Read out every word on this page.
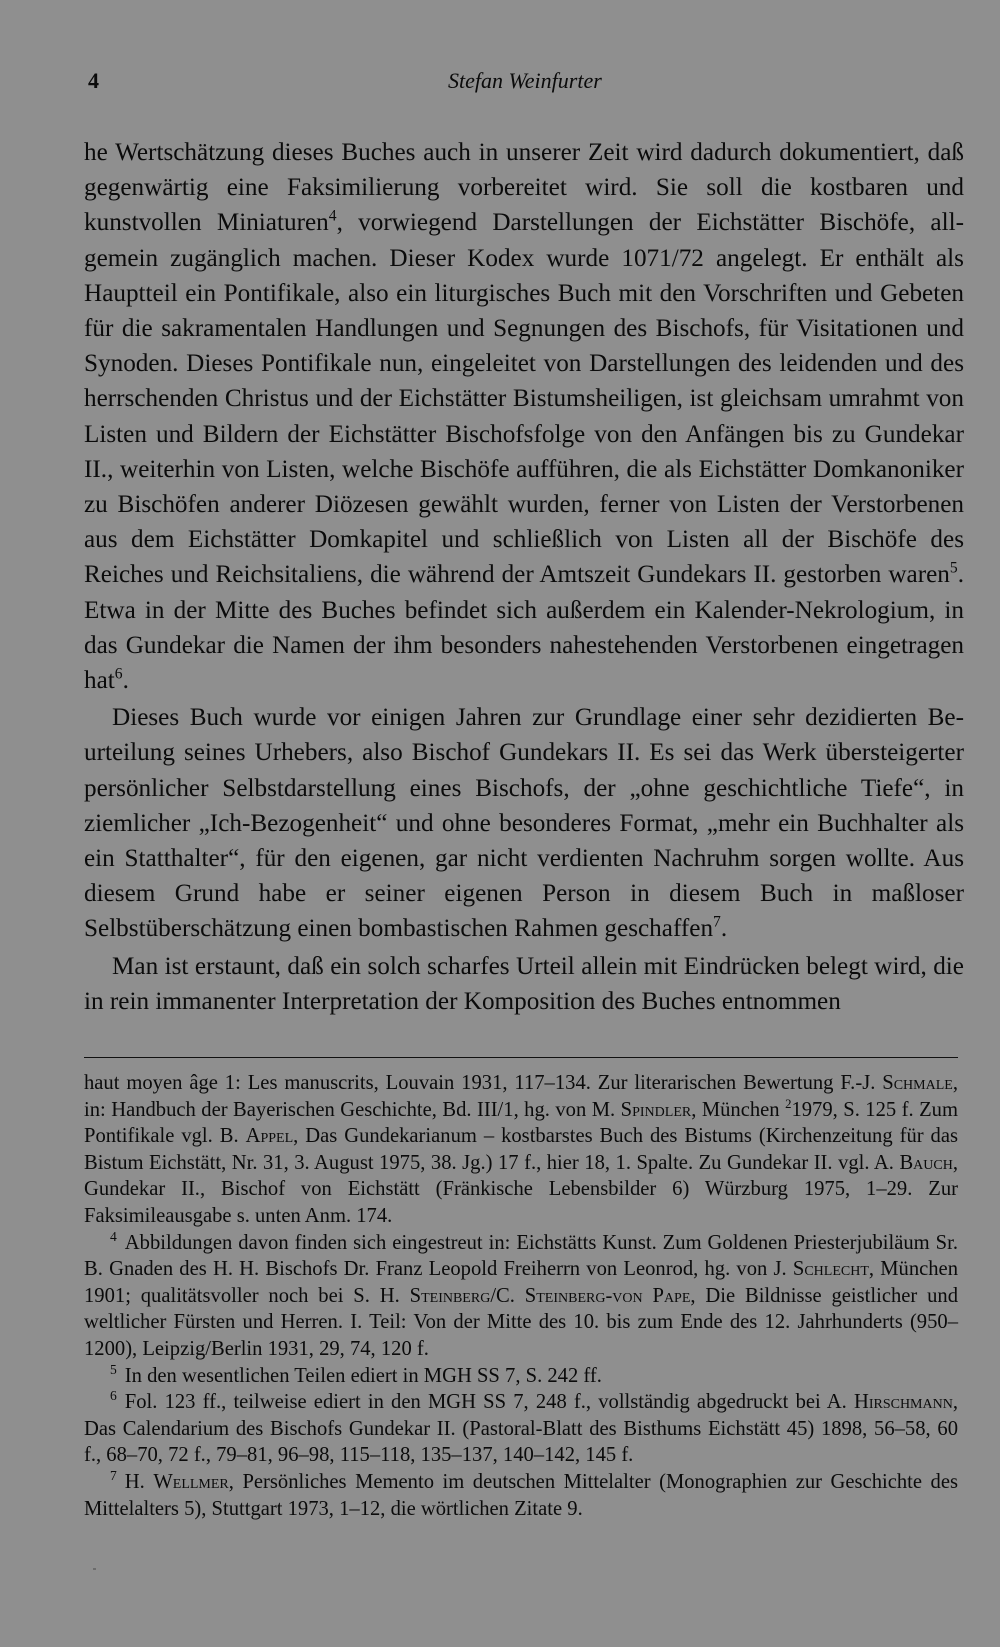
4	Stefan Weinfurter

he Wertschätzung dieses Buches auch in unserer Zeit wird dadurch dokumentiert, daß gegenwärtig eine Faksimilierung vorbereitet wird. Sie soll die kostbaren und kunstvollen Miniaturen$^4$, vorwiegend Darstellungen der Eichstätter Bischöfe, allgemein zugänglich machen. Dieser Kodex wurde 1071/72 angelegt. Er enthält als Hauptteil ein Pontifikale, also ein liturgisches Buch mit den Vorschriften und Gebeten für die sakramentalen Handlungen und Segnungen des Bischofs, für Visitationen und Synoden. Dieses Pontifikale nun, eingeleitet von Darstellungen des leidenden und des herrschenden Christus und der Eichstätter Bistumsheiligen, ist gleichsam umrahmt von Listen und Bildern der Eichstätter Bischofsfolge von den Anfängen bis zu Gundekar II., weiterhin von Listen, welche Bischöfe aufführen, die als Eichstätter Domkanoniker zu Bischöfen anderer Diözesen gewählt wurden, ferner von Listen der Verstorbenen aus dem Eichstätter Domkapitel und schließlich von Listen all der Bischöfe des Reiches und Reichsitaliens, die während der Amtszeit Gundekars II. gestorben waren$^5$. Etwa in der Mitte des Buches befindet sich außerdem ein Kalender-Nekrologium, in das Gundekar die Namen der ihm besonders nahestehenden Verstorbenen eingetragen hat$^6$.

Dieses Buch wurde vor einigen Jahren zur Grundlage einer sehr dezidierten Beurteilung seines Urhebers, also Bischof Gundekars II. Es sei das Werk übersteigerter persönlicher Selbstdarstellung eines Bischofs, der „ohne geschichtliche Tiefe“, in ziemlicher „Ich-Bezogenheit“ und ohne besonderes Format, „mehr ein Buchhalter als ein Statthalter“, für den eigenen, gar nicht verdienten Nachruhm sorgen wollte. Aus diesem Grund habe er seiner eigenen Person in diesem Buch in maßloser Selbstüberschätzung einen bombastischen Rahmen geschaffen$^7$.

Man ist erstaunt, daß ein solch scharfes Urteil allein mit Eindrücken belegt wird, die in rein immanenter Interpretation der Komposition des Buches entnommen

haut moyen âge 1: Les manuscrits, Louvain 1931, 117–134. Zur literarischen Bewertung F.-J. Schmale, in: Handbuch der Bayerischen Geschichte, Bd. III/1, hg. von M. Spindler, München $^2$1979, S. 125 f. Zum Pontifikale vgl. B. Appel, Das Gundekarianum – kostbarstes Buch des Bistums (Kirchenzeitung für das Bistum Eichstätt, Nr. 31, 3. August 1975, 38. Jg.) 17 f., hier 18, 1. Spalte. Zu Gundekar II. vgl. A. Bauch, Gundekar II., Bischof von Eichstätt (Fränkische Lebensbilder 6) Würzburg 1975, 1–29. Zur Faksimileausgabe s. unten Anm. 174.

$^4$ Abbildungen davon finden sich eingestreut in: Eichstätts Kunst. Zum Goldenen Priesterjubiläum Sr. B. Gnaden des H. H. Bischofs Dr. Franz Leopold Freiherrn von Leonrod, hg. von J. Schlecht, München 1901; qualitätsvoller noch bei S. H. Steinberg/C. Steinberg-von Pape, Die Bildnisse geistlicher und weltlicher Fürsten und Herren. I. Teil: Von der Mitte des 10. bis zum Ende des 12. Jahrhunderts (950–1200), Leipzig/Berlin 1931, 29, 74, 120 f.

$^5$ In den wesentlichen Teilen ediert in MGH SS 7, S. 242 ff.

$^6$ Fol. 123 ff., teilweise ediert in den MGH SS 7, 248 f., vollständig abgedruckt bei A. Hirschmann, Das Calendarium des Bischofs Gundekar II. (Pastoral-Blatt des Bisthums Eichstätt 45) 1898, 56–58, 60 f., 68–70, 72 f., 79–81, 96–98, 115–118, 135–137, 140–142, 145 f.

$^7$ H. Wellmer, Persönliches Memento im deutschen Mittelalter (Monographien zur Geschichte des Mittelalters 5), Stuttgart 1973, 1–12, die wörtlichen Zitate 9.
